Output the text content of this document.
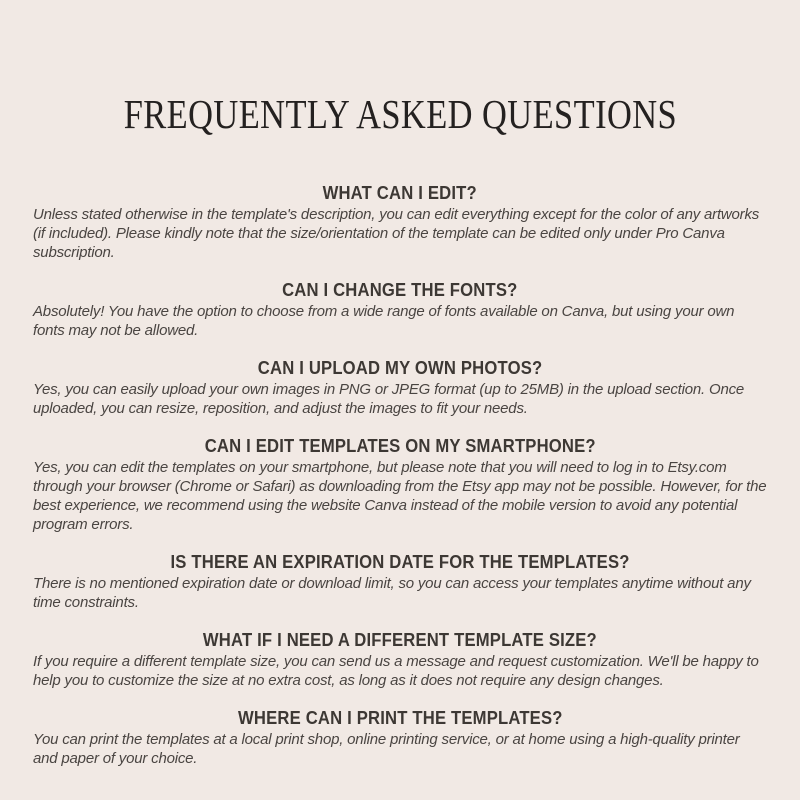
FREQUENTLY ASKED QUESTIONS
WHAT CAN I EDIT?

Unless stated otherwise in the template's description, you can edit everything except for the color of any artworks (if included). Please kindly note that the size/orientation of the template can be edited only under Pro Canva subscription.

CAN I CHANGE THE FONTS?

Absolutely! You have the option to choose from a wide range of fonts available on Canva, but using your own fonts may not be allowed.

CAN I UPLOAD MY OWN PHOTOS?

Yes, you can easily upload your own images in PNG or JPEG format (up to 25MB) in the upload section. Once uploaded, you can resize, reposition, and adjust the images to fit your needs.

CAN I EDIT TEMPLATES ON MY SMARTPHONE?

Yes, you can edit the templates on your smartphone, but please note that you will need to log in to Etsy.com through your browser (Chrome or Safari) as downloading from the Etsy app may not be possible. However, for the best experience, we recommend using the website Canva instead of the mobile version to avoid any potential program errors.

IS THERE AN EXPIRATION DATE FOR THE TEMPLATES?

There is no mentioned expiration date or download limit, so you can access your templates anytime without any time constraints.

WHAT IF I NEED A DIFFERENT TEMPLATE SIZE?

If you require a different template size, you can send us a message and request customization. We'll be happy to help you to customize the size at no extra cost, as long as it does not require any design changes.

WHERE CAN I PRINT THE TEMPLATES?

You can print the templates at a local print shop, online printing service, or at home using a high-quality printer and paper of your choice.
